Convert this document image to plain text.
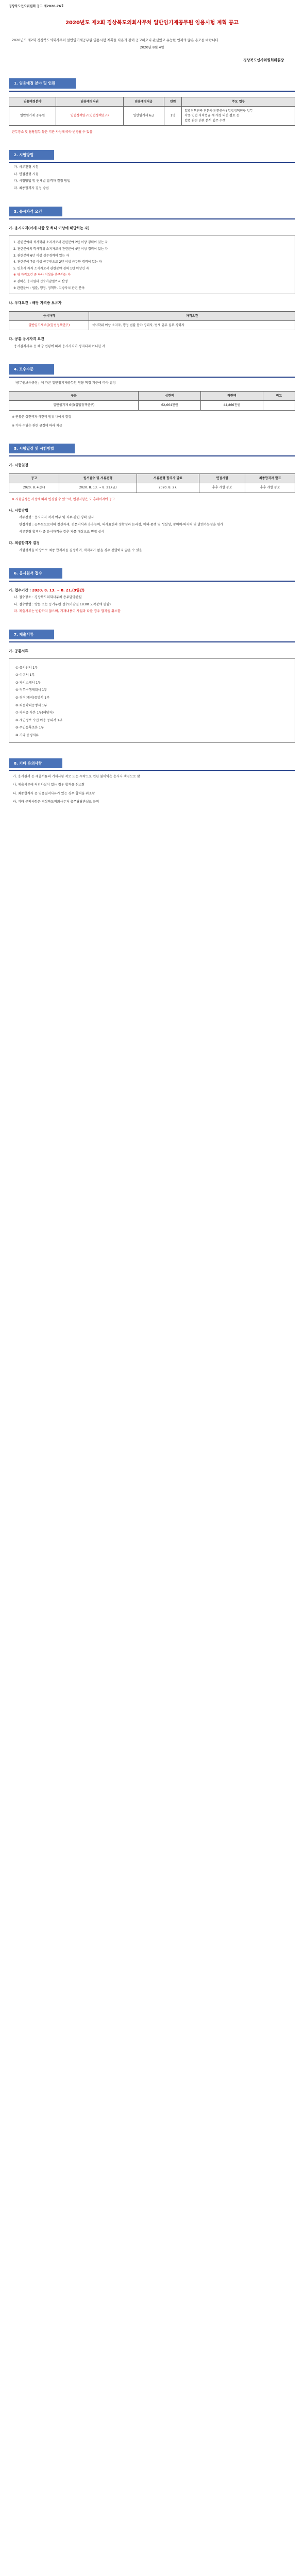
경상북도인사위원회 공고 제2020-76호
2020년도 제2회 경상북도의회사무처 일반임기제공무원 임용시험 계획 공고
2020년도 제2회 경상북도의회사무처 일반임기제공무원 임용시험 계획을 다음과 같이 공고하오니 관심있고 유능한 인재의 많은 응모를 바랍니다.
2020년 8월 4일
경상북도인사위원회위원장
1. 임용예정 분야 및 인원
임용예정분야	임용예정직위	임용예정직급	인원	주요 업무
일반임기제 공무원	입법정책연구(입법정책연구)	일반임기제 6급	1명	입법정책연구 전문가(전문분야) 입법정책연구 업무
각종 입법 자치법규 제·개정 의견 검토 등
입법 관련 민원 분석 업무 수행
근무장소 및 담당업무 등은 기관 사정에 따라 변경될 수 있음
2. 시험방법
가. 서류전형 시험
나. 면접전형 시험
다. 시험방법 및 단계별 합격자 결정 방법
라. 최종합격자 결정 방법
3. 응시자격 요건
가. 응시자격(아래 사항 중 하나 이상에 해당하는 자)

1. 관련분야의 석사학위 소지자로서 관련분야 2년 이상 경력이 있는 자

2. 관련분야의 학사학위 소지자로서 관련분야 4년 이상 경력이 있는 자

3. 관련분야 6년 이상 실무경력이 있는 자

4. 관련분야 7급 이상 공무원으로 2년 이상 근무한 경력이 있는 자

5. 변호사 자격 소지자로서 관련분야 경력 1년 이상인 자

※ 위 자격요건 중 하나 이상을 충족하는 자

※ 경력은 응시원서 접수마감일까지 산정

※ 관련분야 : 법률, 행정, 정책학, 지방자치 관련 분야

나. 우대요건 : 해당 자격증 보유자
응시자격	자격요건
일반임기제 6급(입법정책연구)	석사학위 이상 소지자, 행정·법률 분야 경력자, 법제 업무 실무 경력자
다. 공통 응시자격 요건
응시결격사유 등 해당 법령에 따라 응시자격이 정지되지 아니한 자
4. 보수수준
「공무원보수규정」에 따른 일반임기제공무원 연봉 책정 기준에 따라 결정
구분	상한액	하한액	비고
일반임기제 6급(입법정책연구)	62,664천원	44,866천원	
※ 연봉은 상한액과 하한액 범위 내에서 결정
※ 기타 수당은 관련 규정에 따라 지급
5. 시험일정 및 시험방법
가. 시험일정
공고	원서접수 및 서류전형	서류전형 합격자 발표	면접시험	최종합격자 발표
2020. 8. 4.(화)	2020. 8. 13. ~ 8. 21.(금)	2020. 8. 27.	추후 개별 통보	추후 개별 통보
※ 시험일정은 사정에 따라 변경될 수 있으며, 변경사항은 도 홈페이지에 공고
나. 시험방법
서류전형 : 응시자격 적격 여부 및 직무 관련 경력 심사
면접시험 : 공무원으로서의 정신자세, 전문지식과 응용능력, 의사표현의 정확성과 논리성, 예의·품행 및 성실성, 창의력·의지력 및 발전가능성을 평가
서류전형 합격자 중 응시자격을 갖춘 자를 대상으로 면접 실시
다. 최종합격자 결정
시험성적을 바탕으로 최종 합격자를 결정하며, 적격자가 없을 경우 선발하지 않을 수 있음
6. 응시원서 접수
가. 접수기간 : 2020. 8. 13. ~ 8. 21.(9일간)
나. 접수장소 : 경상북도의회사무처 총무담당관실
다. 접수방법 : 방문 또는 등기우편 접수(마감일 18:00 도착분에 한함)
라. 제출서류는 반환하지 않으며, 기재내용이 사실과 다를 경우 합격을 취소함
7. 제출서류
가. 공통서류
① 응시원서 1부
② 이력서 1부
③ 자기소개서 1부
④ 직무수행계획서 1부
⑤ 경력(재직)증명서 1부
⑥ 최종학력증명서 1부
⑦ 자격증 사본 1부(해당자)
⑧ 개인정보 수집·이용 동의서 1부
⑨ 주민등록초본 1부
⑩ 기타 증빙서류
8. 기타 유의사항
가. 응시원서 등 제출서류의 기재사항 착오 또는 누락으로 인한 불이익은 응시자 책임으로 함
나. 제출서류에 허위사실이 있는 경우 합격을 취소함
다. 최종합격자 중 임용결격사유가 있는 경우 합격을 취소함
라. 기타 문의사항은 경상북도의회사무처 총무담당관실로 문의
